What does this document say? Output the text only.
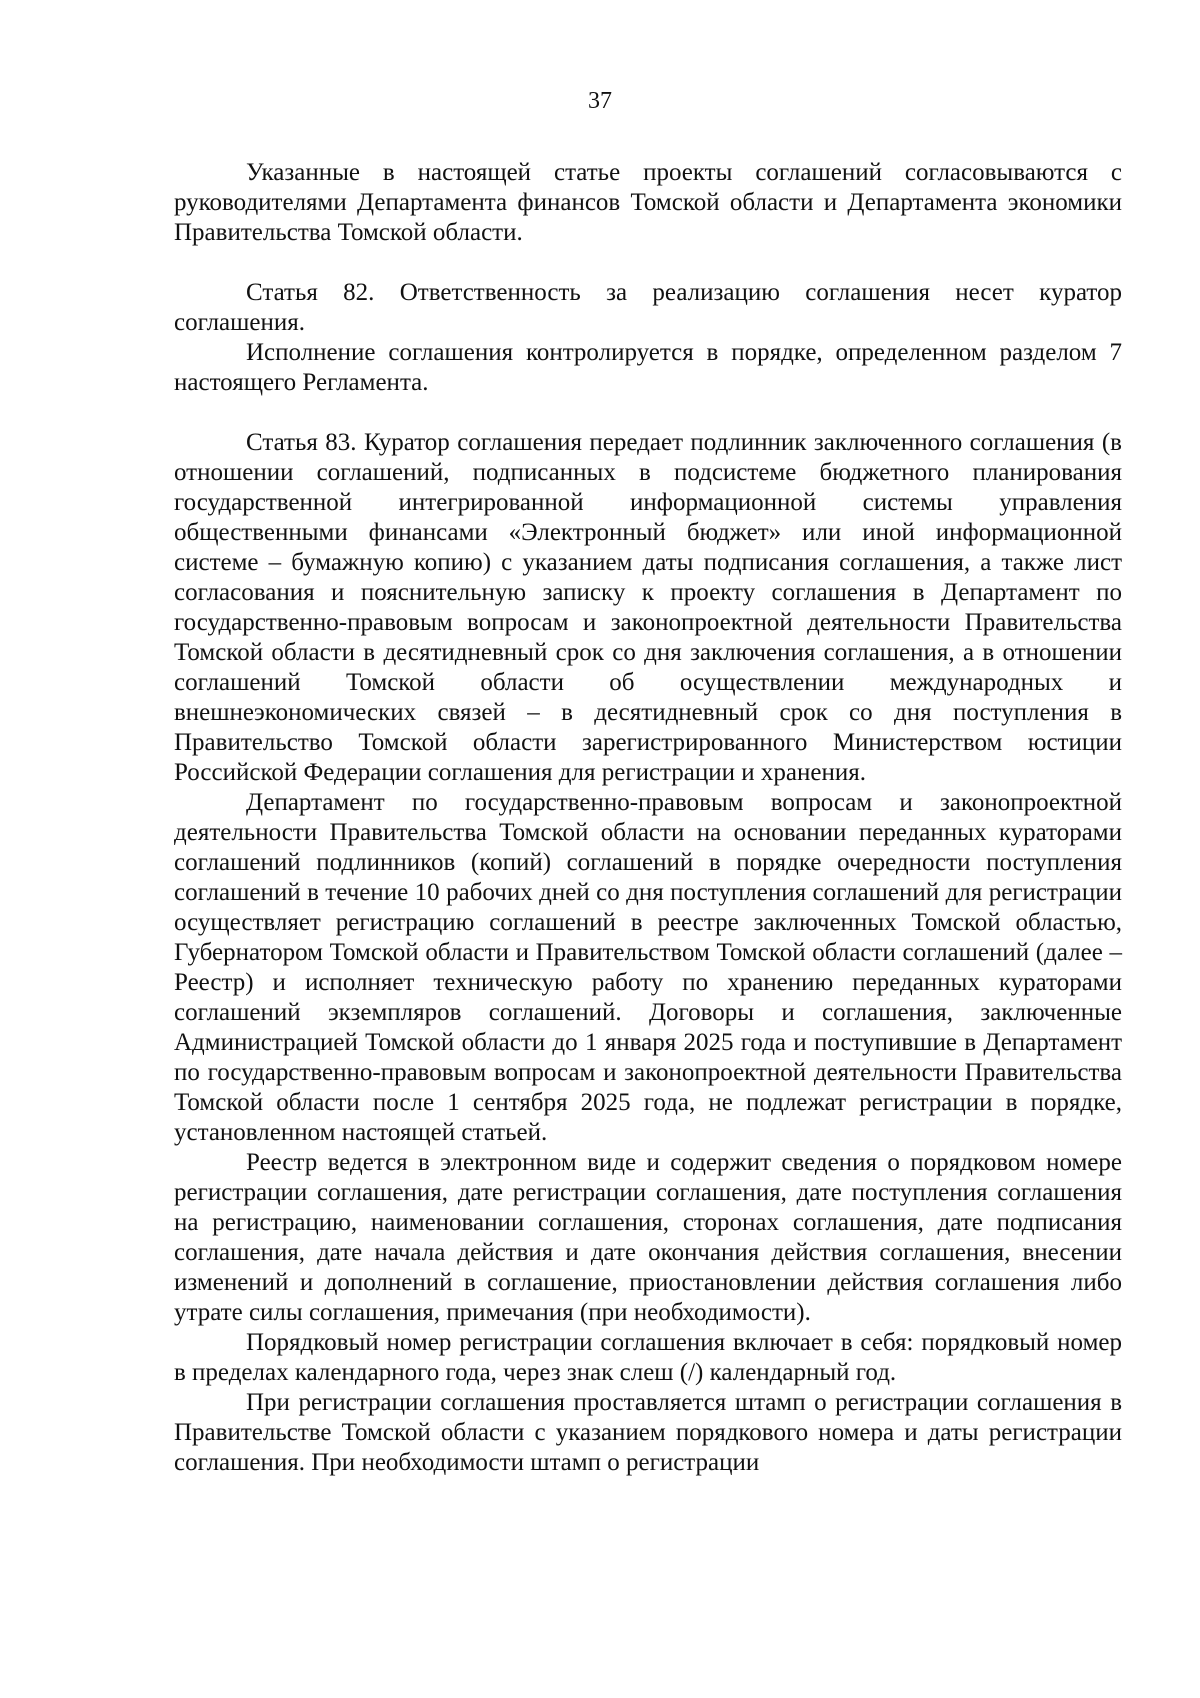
37

Указанные в настоящей статье проекты соглашений согласовываются с руководителями Департамента финансов Томской области и Департамента экономики Правительства Томской области.

Статья 82. Ответственность за реализацию соглашения несет куратор соглашения.

Исполнение соглашения контролируется в порядке, определенном разделом 7 настоящего Регламента.

Статья 83. Куратор соглашения передает подлинник заключенного соглашения (в отношении соглашений, подписанных в подсистеме бюджетного планирования государственной интегрированной информационной системы управления общественными финансами «Электронный бюджет» или иной информационной системе – бумажную копию) с указанием даты подписания соглашения, а также лист согласования и пояснительную записку к проекту соглашения в Департамент по государственно-правовым вопросам и законопроектной деятельности Правительства Томской области в десятидневный срок со дня заключения соглашения, а в отношении соглашений Томской области об осуществлении международных и внешнеэкономических связей – в десятидневный срок со дня поступления в Правительство Томской области зарегистрированного Министерством юстиции Российской Федерации соглашения для регистрации и хранения.

Департамент по государственно-правовым вопросам и законопроектной деятельности Правительства Томской области на основании переданных кураторами соглашений подлинников (копий) соглашений в порядке очередности поступления соглашений в течение 10 рабочих дней со дня поступления соглашений для регистрации осуществляет регистрацию соглашений в реестре заключенных Томской областью, Губернатором Томской области и Правительством Томской области соглашений (далее – Реестр) и исполняет техническую работу по хранению переданных кураторами соглашений экземпляров соглашений. Договоры и соглашения, заключенные Администрацией Томской области до 1 января 2025 года и поступившие в Департамент по государственно-правовым вопросам и законопроектной деятельности Правительства Томской области после 1 сентября 2025 года, не подлежат регистрации в порядке, установленном настоящей статьей.

Реестр ведется в электронном виде и содержит сведения о порядковом номере регистрации соглашения, дате регистрации соглашения, дате поступления соглашения на регистрацию, наименовании соглашения, сторонах соглашения, дате подписания соглашения, дате начала действия и дате окончания действия соглашения, внесении изменений и дополнений в соглашение, приостановлении действия соглашения либо утрате силы соглашения, примечания (при необходимости).

Порядковый номер регистрации соглашения включает в себя: порядковый номер в пределах календарного года, через знак слеш (/) календарный год.

При регистрации соглашения проставляется штамп о регистрации соглашения в Правительстве Томской области с указанием порядкового номера и даты регистрации соглашения. При необходимости штамп о регистрации
